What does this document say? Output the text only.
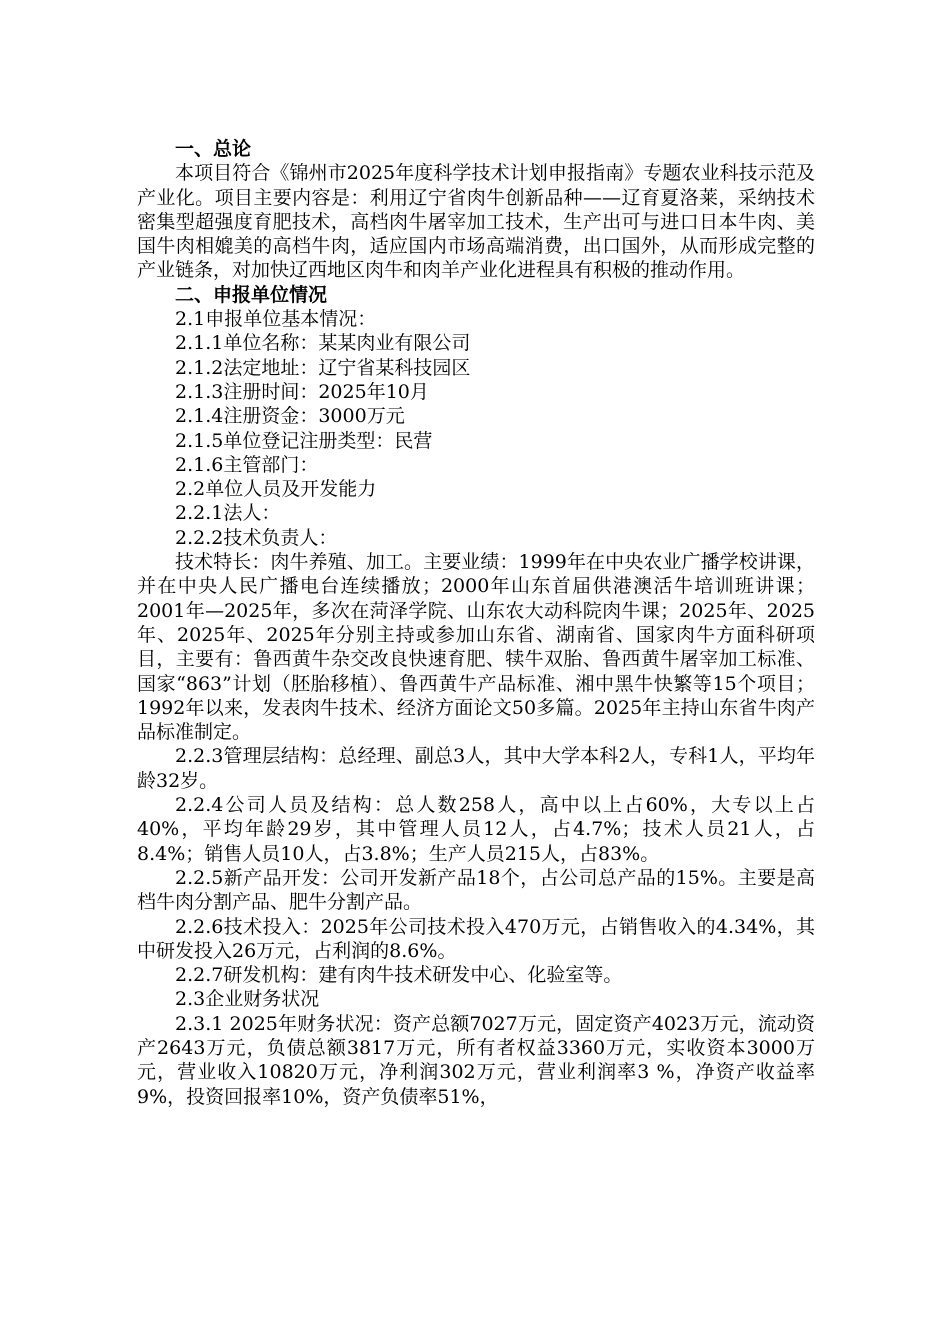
一、总论

本项目符合《锦州市2025年度科学技术计划申报指南》专题农业科技示范及产业化。项目主要内容是：利用辽宁省肉牛创新品种——辽育夏洛莱，采纳技术密集型超强度育肥技术，高档肉牛屠宰加工技术，生产出可与进口日本牛肉、美国牛肉相媲美的高档牛肉，适应国内市场高端消费，出口国外，从而形成完整的产业链条，对加快辽西地区肉牛和肉羊产业化进程具有积极的推动作用。

二、申报单位情况

2.1申报单位基本情况：

2.1.1单位名称：某某肉业有限公司

2.1.2法定地址：辽宁省某科技园区

2.1.3注册时间：2025年10月

2.1.4注册资金：3000万元

2.1.5单位登记注册类型：民营

2.1.6主管部门：

2.2单位人员及开发能力

2.2.1法人：

2.2.2技术负责人：

技术特长：肉牛养殖、加工。主要业绩：1999年在中央农业广播学校讲课，并在中央人民广播电台连续播放；2000年山东首届供港澳活牛培训班讲课；2001年—2025年，多次在菏泽学院、山东农大动科院肉牛课；2025年、2025年、2025年、2025年分别主持或参加山东省、湖南省、国家肉牛方面科研项目，主要有：鲁西黄牛杂交改良快速育肥、犊牛双胎、鲁西黄牛屠宰加工标准、国家“863”计划（胚胎移植）、鲁西黄牛产品标准、湘中黑牛快繁等15个项目；1992年以来，发表肉牛技术、经济方面论文50多篇。2025年主持山东省牛肉产品标准制定。

2.2.3管理层结构：总经理、副总3人，其中大学本科2人，专科1人，平均年龄32岁。

2.2.4公司人员及结构：总人数258人，高中以上占60%，大专以上占40%，平均年龄29岁，其中管理人员12人，占4.7%；技术人员21人，占8.4%；销售人员10人，占3.8%；生产人员215人，占83%。

2.2.5新产品开发：公司开发新产品18个，占公司总产品的15%。主要是高档牛肉分割产品、肥牛分割产品。

2.2.6技术投入：2025年公司技术投入470万元，占销售收入的4.34%，其中研发投入26万元，占利润的8.6%。

2.2.7研发机构：建有肉牛技术研发中心、化验室等。

2.3企业财务状况

2.3.1 2025年财务状况：资产总额7027万元，固定资产4023万元，流动资产2643万元，负债总额3817万元，所有者权益3360万元，实收资本3000万元，营业收入10820万元，净利润302万元，营业利润率3 %，净资产收益率9%，投资回报率10%，资产负债率51%，
